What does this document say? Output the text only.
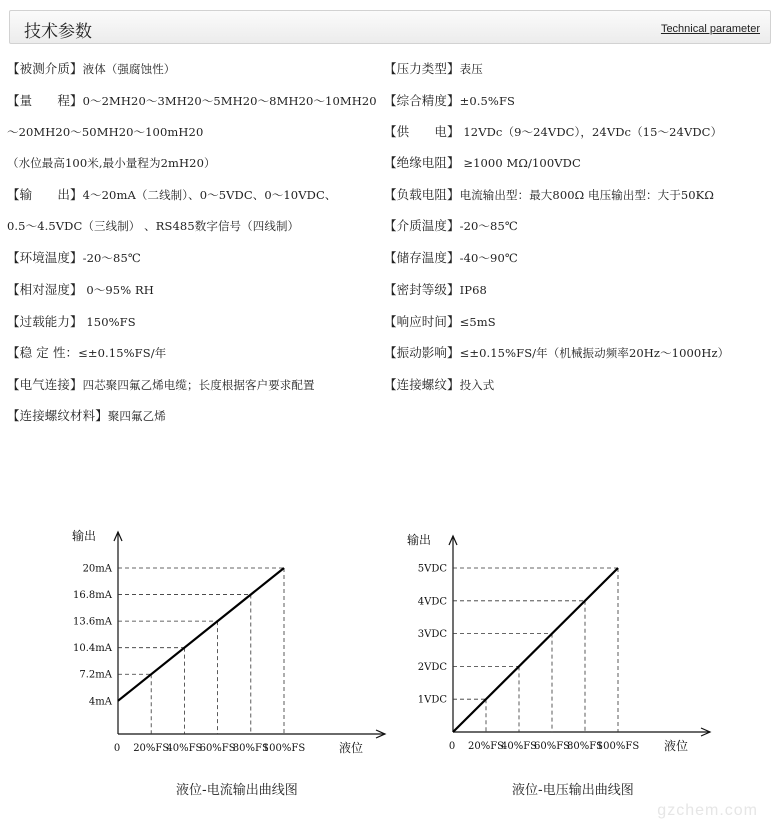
技术参数	Technical parameter
【被测介质】液体（强腐蚀性）
【量　　程】0～2MH20～3MH20～5MH20～8MH20～10MH20
～20MH20～50MH20～100mH20
（水位最高100米,最小量程为2mH20）
【输　　出】4～20mA（二线制）、0～5VDC、0～10VDC、
0.5～4.5VDC（三线制） 、RS485数字信号（四线制）
【环境温度】-20～85℃
【相对湿度】 0～95% RH
【过载能力】 150%FS
【稳 定 性：≤±0.15%FS/年
【电气连接】四芯聚四氟乙烯电缆；长度根据客户要求配置
【连接螺纹材料】聚四氟乙烯
【压力类型】表压
【综合精度】±0.5%FS
【供　　电】 12VDc（9～24VDC），24VDc（15～24VDC）
【绝缘电阻】 ≥1000 MΩ/100VDC
【负载电阻】电流输出型：最大800Ω 电压输出型：大于50KΩ
【介质温度】-20～85℃
【储存温度】-40～90℃
【密封等级】IP68
【响应时间】≤5mS
【振动影响】≤±0.15%FS/年（机械振动频率20Hz～1000Hz）
【连接螺纹】投入式
4mA
7.2mA
10.4mA
13.6mA
16.8mA
20mA
0 20%FS
40%FS
60%FS
80%FS
100%FS
输出
液位
1VDC
2VDC
3VDC
4VDC
5VDC
0 20%FS
40%FS
60%FS
80%FS
100%FS
输出
液位
液位-电流输出曲线图	液位-电压输出曲线图
gzchem.com
